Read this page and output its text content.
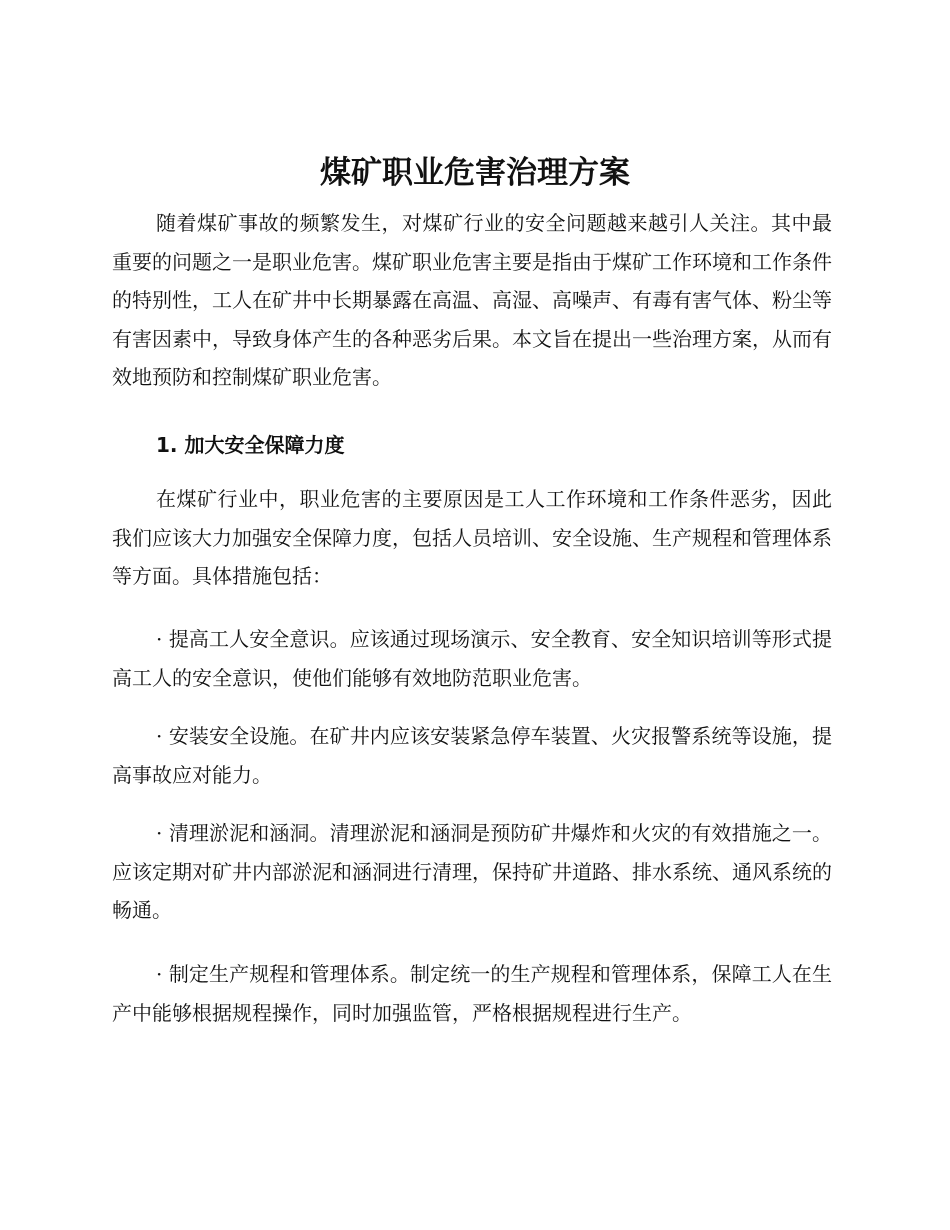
煤矿职业危害治理方案

随着煤矿事故的频繁发生，对煤矿行业的安全问题越来越引人关注。其中最重要的问题之一是职业危害。煤矿职业危害主要是指由于煤矿工作环境和工作条件的特别性，工人在矿井中长期暴露在高温、高湿、高噪声、有毒有害气体、粉尘等有害因素中，导致身体产生的各种恶劣后果。本文旨在提出一些治理方案，从而有效地预防和控制煤矿职业危害。

1. 加大安全保障力度

在煤矿行业中，职业危害的主要原因是工人工作环境和工作条件恶劣，因此我们应该大力加强安全保障力度，包括人员培训、安全设施、生产规程和管理体系等方面。具体措施包括：

· 提高工人安全意识。应该通过现场演示、安全教育、安全知识培训等形式提高工人的安全意识，使他们能够有效地防范职业危害。

· 安装安全设施。在矿井内应该安装紧急停车装置、火灾报警系统等设施，提高事故应对能力。

· 清理淤泥和涵洞。清理淤泥和涵洞是预防矿井爆炸和火灾的有效措施之一。应该定期对矿井内部淤泥和涵洞进行清理，保持矿井道路、排水系统、通风系统的畅通。

· 制定生产规程和管理体系。制定统一的生产规程和管理体系，保障工人在生产中能够根据规程操作，同时加强监管，严格根据规程进行生产。
